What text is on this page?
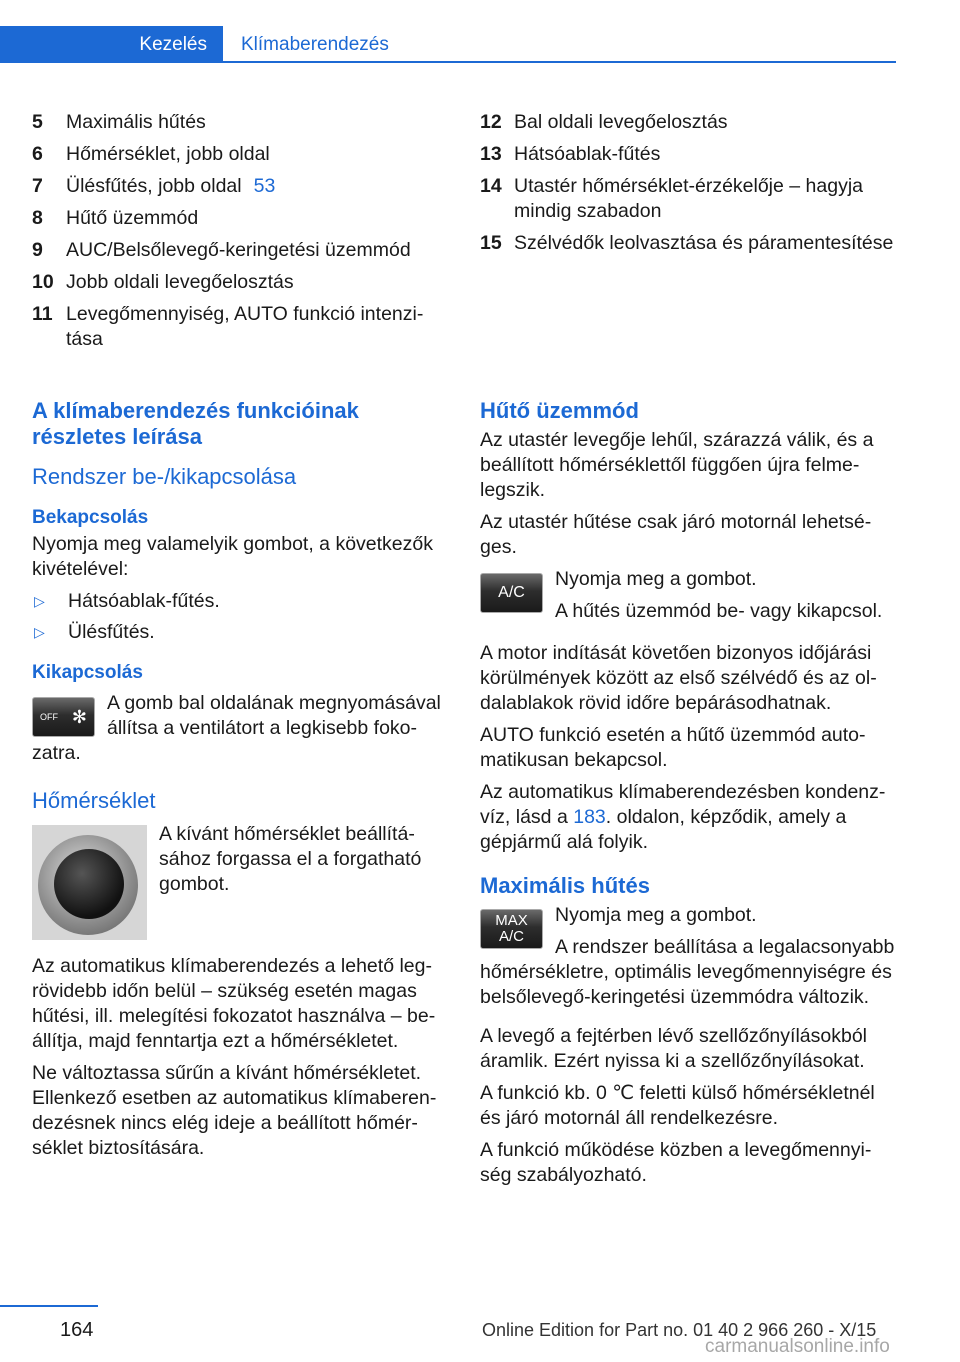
Kezelés	Klímaberendezés
5	Maximális hűtés
6	Hőmérséklet, jobb oldal
7	Ülésfűtés, jobb oldal 53
8	Hűtő üzemmód
9	AUC/Belsőlevegő-keringetési üzemmód
10 Jobb oldali levegőelosztás
11 Levegőmennyiség, AUTO funkció intenzitása
12 Bal oldali levegőelosztás
13 Hátsóablak-fűtés
14 Utastér hőmérséklet-érzékelője – hagyja mindig szabadon
15 Szélvédők leolvasztása és páramentesítése
A klímaberendezés funkcióinak részletes leírása
Rendszer be-/kikapcsolása
Bekapcsolás

Nyomja meg valamelyik gombot, a következők kivételével:

▷	Hátsóablak-fűtés.
▷	Ülésfűtés.
Kikapcsolás
OFF ✻

A gomb bal oldalának megnyomásával állítsa a ventilátort a legkisebb fokozatra.

Hőmérséklet

A kívánt hőmérséklet beállításához forgassa el a forgatható gombot.

Az automatikus klímaberendezés a lehető legrövidebb időn belül – szükség esetén magas hűtési, ill. melegítési fokozatot használva – beállítja, majd fenntartja ezt a hőmérsékletet.

Ne változtassa sűrűn a kívánt hőmérsékletet. Ellenkező esetben az automatikus klímaberendezésnek nincs elég ideje a beállított hőmérséklet biztosítására.

Hűtő üzemmód

Az utastér levegője lehűl, szárazzá válik, és a beállított hőmérséklettől függően újra felmelegszik.

Az utastér hűtése csak járó motornál lehetséges.

A/C

Nyomja meg a gombot.

A hűtés üzemmód be- vagy kikapcsol.

A motor indítását követően bizonyos időjárási körülmények között az első szélvédő és az oldalablakok rövid időre bepárásodhatnak.

AUTO funkció esetén a hűtő üzemmód automatikusan bekapcsol.

Az automatikus klímaberendezésben kondenzvíz, lásd a 183. oldalon, képződik, amely a gépjármű alá folyik.

Maximális hűtés
MAX
A/C

Nyomja meg a gombot.

A rendszer beállítása a legalacsonyabb hőmérsékletre, optimális levegőmennyiségre és belsőlevegő-keringetési üzemmódra változik.

A levegő a fejtérben lévő szellőzőnyílásokból áramlik. Ezért nyissa ki a szellőzőnyílásokat.

A funkció kb. 0 ℃ feletti külső hőmérsékletnél és járó motornál áll rendelkezésre.

A funkció működése közben a levegőmennyiség szabályozható.

164	Online Edition for Part no. 01 40 2 966 260 - X/15
carmanualsonline.info
